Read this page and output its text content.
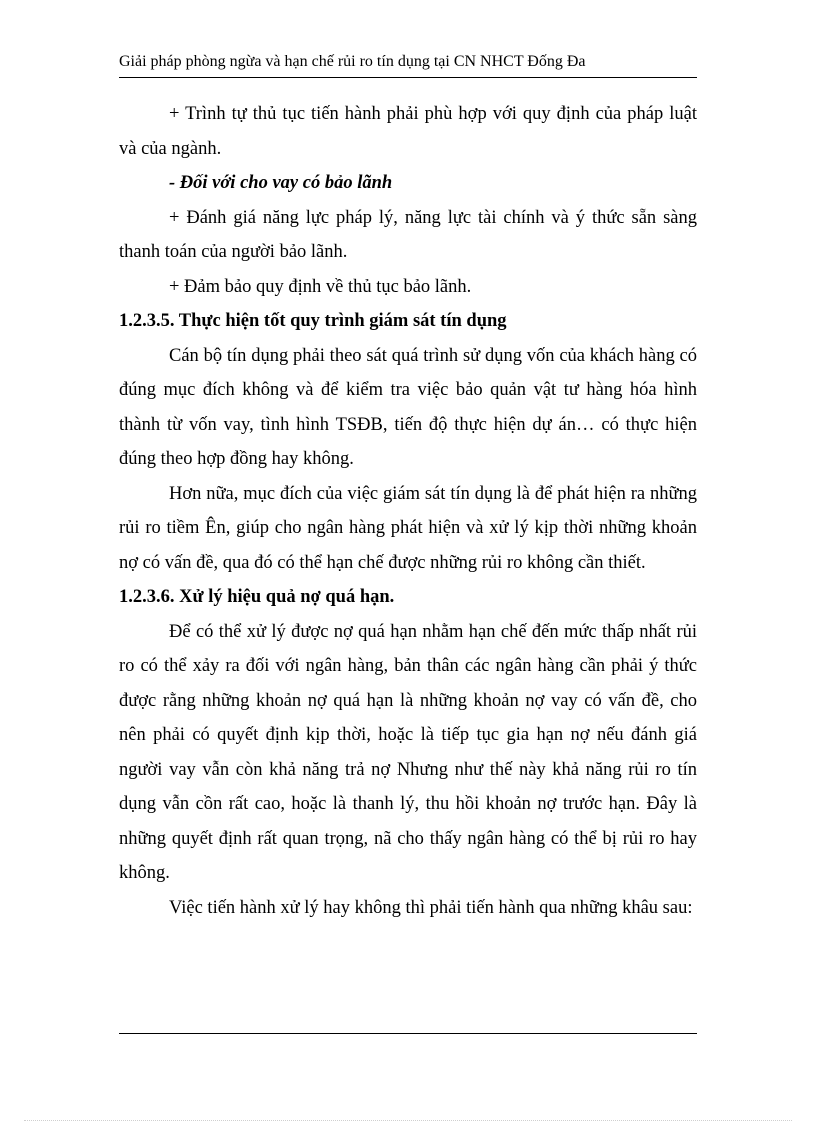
Giải pháp phòng ngừa và hạn chế rủi ro tín dụng tại CN NHCT Đống Đa

+ Trình tự thủ tục tiến hành phải phù hợp với quy định của pháp luật và của ngành.

- Đối với cho vay có bảo lãnh

+ Đánh giá năng lực pháp lý, năng lực tài chính và ý thức sẵn sàng thanh toán của người bảo lãnh.

+ Đảm bảo quy định về thủ tục bảo lãnh.

1.2.3.5. Thực hiện tốt quy trình giám sát tín dụng

Cán bộ tín dụng phải theo sát quá trình sử dụng vốn của khách hàng có đúng mục đích không và để kiểm tra việc bảo quản vật tư hàng hóa hình thành từ vốn vay, tình hình TSĐB, tiến độ thực hiện dự án… có thực hiện đúng theo hợp đồng hay không.

Hơn nữa, mục đích của việc giám sát tín dụng là để phát hiện ra những rủi ro tiềm Ên, giúp cho ngân hàng phát hiện và xử lý kịp thời những khoản nợ có vấn đề, qua đó có thể hạn chế được những rủi ro không cần thiết.

1.2.3.6. Xử lý hiệu quả nợ quá hạn.

Để có thể xử lý được nợ quá hạn nhằm hạn chế đến mức thấp nhất rủi ro có thể xảy ra đối với ngân hàng, bản thân các ngân hàng cần phải ý thức được rằng những khoản nợ quá hạn là những khoản nợ vay có vấn đề, cho nên phải có quyết định kịp thời, hoặc là tiếp tục gia hạn nợ nếu đánh giá người vay vẫn còn khả năng trả nợ Nhưng như thế này khả năng rủi ro tín dụng vẫn cồn rất cao, hoặc là thanh lý, thu hồi khoản nợ trước hạn. Đây là những quyết định rất quan trọng, nã cho thấy ngân hàng có thể bị rủi ro hay không.

Việc tiến hành xử lý hay không thì phải tiến hành qua những khâu sau:
